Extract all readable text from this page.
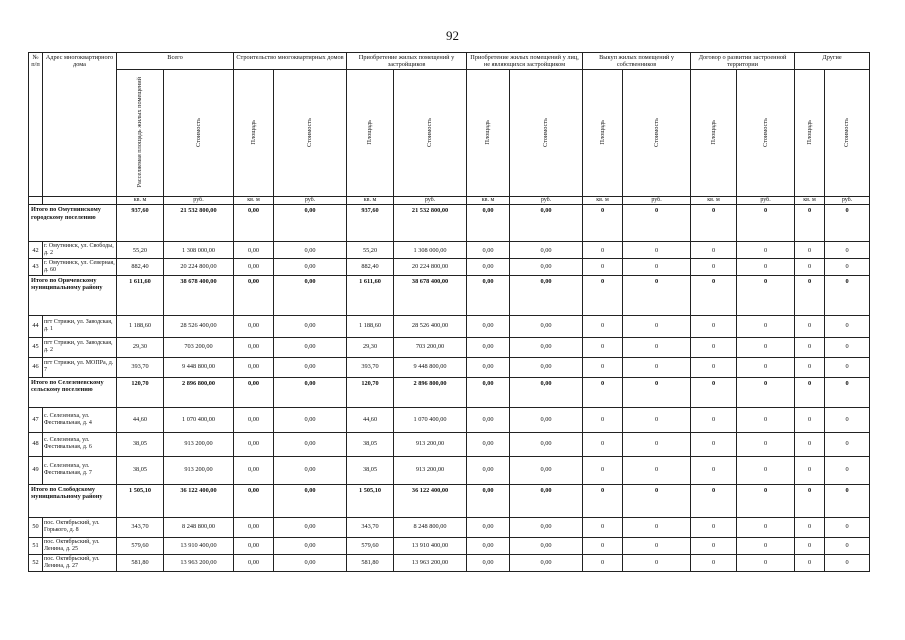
92
№ п/п	Адрес многоквартирного дома	Всего		Строительство многоквартирных домов		Приобретение жилых помещений у застройщиков		Приобретение жилых помещений у лиц, не являющихся застройщиком		Выкуп жилых помещений у собственников		Договор о развитии застроенной территории		Другие	
		Расселяемая площадь жилых помещений	Стоимость	Площадь	Стоимость	Площадь	Стоимость	Площадь	Стоимость	Площадь	Стоимость	Площадь	Стоимость	Площадь	Стоимость
		кв. м	руб.	кв. м	руб.	кв. м	руб.	кв. м	руб.	кв. м	руб.	кв. м	руб.	кв. м	руб.
Итого по Омутнинскому городскому поселению		937,60	21 532 800,00	0,00	0,00	937,60	21 532 800,00	0,00	0,00	0	0	0	0	0	0
42	г. Омутнинск, ул. Свободы, д. 2	55,20	1 308 000,00	0,00	0,00	55,20	1 308 000,00	0,00	0,00	0	0	0	0	0	0
43	г. Омутнинск, ул. Северная, д. 60	882,40	20 224 800,00	0,00	0,00	882,40	20 224 800,00	0,00	0,00	0	0	0	0	0	0
Итого по Оричевскому муниципальному району		1 611,60	38 678 400,00	0,00	0,00	1 611,60	38 678 400,00	0,00	0,00	0	0	0	0	0	0
44	пгт Стрижи, ул. Заводская, д. 1	1 188,60	28 526 400,00	0,00	0,00	1 188,60	28 526 400,00	0,00	0,00	0	0	0	0	0	0
45	пгт Стрижи, ул. Заводская, д. 2	29,30	703 200,00	0,00	0,00	29,30	703 200,00	0,00	0,00	0	0	0	0	0	0
46	пгт Стрижи, ул. МОПРа, д. 7	393,70	9 448 800,00	0,00	0,00	393,70	9 448 800,00	0,00	0,00	0	0	0	0	0	0
Итого по Селезеневскому сельскому поселению		120,70	2 896 800,00	0,00	0,00	120,70	2 896 800,00	0,00	0,00	0	0	0	0	0	0
47	с. Селезениха, ул. Фестивальная, д. 4	44,60	1 070 400,00	0,00	0,00	44,60	1 070 400,00	0,00	0,00	0	0	0	0	0	0
48	с. Селезениха, ул. Фестивальная, д. 6	38,05	913 200,00	0,00	0,00	38,05	913 200,00	0,00	0,00	0	0	0	0	0	0
49	с. Селезениха, ул. Фестивальная, д. 7	38,05	913 200,00	0,00	0,00	38,05	913 200,00	0,00	0,00	0	0	0	0	0	0
Итого по Слободскому муниципальному району		1 505,10	36 122 400,00	0,00	0,00	1 505,10	36 122 400,00	0,00	0,00	0	0	0	0	0	0
50	пос. Октябрьский, ул. Горького, д. 8	343,70	8 248 800,00	0,00	0,00	343,70	8 248 800,00	0,00	0,00	0	0	0	0	0	0
51	пос. Октябрьский, ул. Ленина, д. 25	579,60	13 910 400,00	0,00	0,00	579,60	13 910 400,00	0,00	0,00	0	0	0	0	0	0
52	пос. Октябрьский, ул. Ленина, д. 27	581,80	13 963 200,00	0,00	0,00	581,80	13 963 200,00	0,00	0,00	0	0	0	0	0	0
